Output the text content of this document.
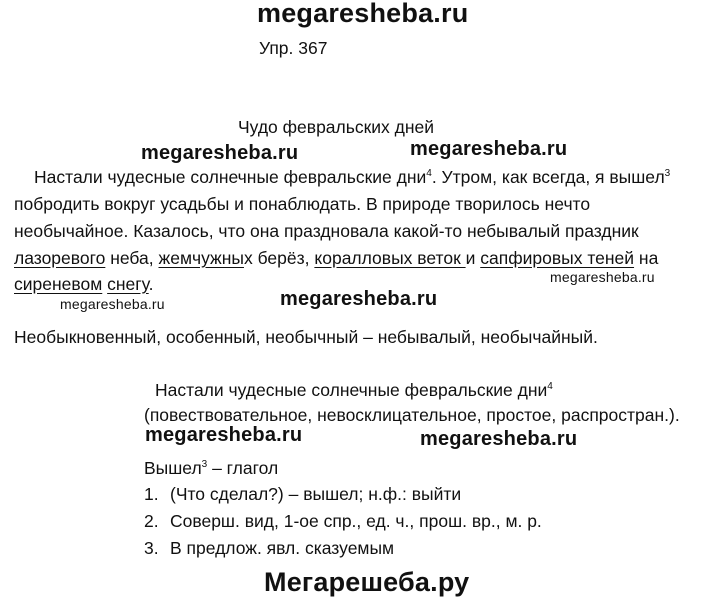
megaresheba.ru
megaresheba.ru	megaresheba.ru
megaresheba.ru
megaresheba.ru	megaresheba.ru
megaresheba.ru	megaresheba.ru
Мегарешеба.ру
Упр. 367
Чудо февральских дней
Настали чудесные солнечные февральские дни$^4$. Утром, как всегда, я вышел$^3$
побродить вокруг усадьбы и понаблюдать. В природе творилось нечто
необычайное. Казалось, что она праздновала какой-то небывалый праздник
лазоревого неба, жемчужных берёз, коралловых веток и сапфировых теней на
сиреневом снегу.
Необыкновенный, особенный, необычный – небывалый, необычайный.
Настали чудесные солнечные февральские дни$^4$
(повествовательное, невосклицательное, простое, распростран.).
Вышел$^3$ – глагол
1. (Что сделал?) – вышел; н.ф.: выйти
2. Соверш. вид, 1-ое спр., ед. ч., прош. вр., м. р.
3. В предлож. явл. сказуемым
